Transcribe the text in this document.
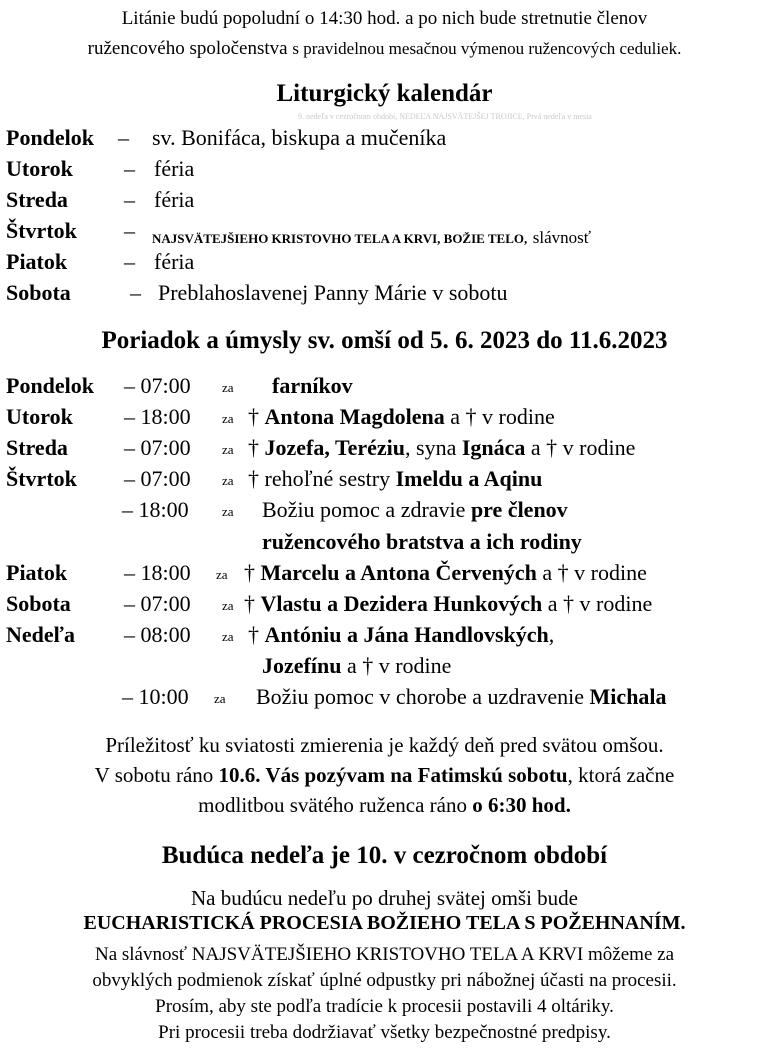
Litánie budú popoludní o 14:30 hod. a po nich bude stretnutie členov
ružencového spoločenstva s pravidelnou mesačnou výmenou ružencových ceduliek.
Liturgický kalendár
9. nedeľa v cezročnom období, NEDEĽA NAJSVÄTEJŠEJ TROJICE, Prvá nedeľa v mesia
Pondelok – sv. Bonifáca, biskupa a mučeníka
Utorok – féria
Streda	– féria
Štvrtok – NAJSVÄTEJŠIEHO KRISTOVHO TELA A KRVI, BOŽIE TELO, slávnosť
Piatok	– féria
Sobota	– Preblahoslavenej Panny Márie v sobotu
Poriadok a úmysly sv. omší od 5. 6. 2023 do 11.6.2023
Pondelok – 07:00 za farníkov
Utorok – 18:00 za † Antona Magdolena a † v rodine
Streda	– 07:00 za † Jozefa, Teréziu, syna Ignáca a † v rodine
Štvrtok – 07:00 za † rehoľné sestry Imeldu a Aqinu
– 18:00	za Božiu pomoc a zdravie pre členov
ružencového bratstva a ich rodiny
Piatok	– 18:00 za † Marcelu a Antona Červených a † v rodine
Sobota – 07:00 za † Vlastu a Dezidera Hunkových a † v rodine
Nedeľa – 08:00 za † Antóniu a Jána Handlovských,
Jozefínu a † v rodine
– 10:00 za Božiu pomoc v chorobe a uzdravenie Michala
Príležitosť ku sviatosti zmierenia je každý deň pred svätou omšou.
V sobotu ráno 10.6. Vás pozývam na Fatimskú sobotu, ktorá začne
modlitbou svätého ruženca ráno o 6:30 hod.
Budúca nedeľa je 10. v cezročnom období
Na budúcu nedeľu po druhej svätej omši bude
EUCHARISTICKÁ PROCESIA BOŽIEHO TELA S POŽEHNANÍM.
Na slávnosť NAJSVÄTEJŠIEHO KRISTOVHO TELA A KRVI môžeme za
obvyklých podmienok získať úplné odpustky pri nábožnej účasti na procesii.
Prosím, aby ste podľa tradície k procesii postavili 4 oltáriky.
Pri procesii treba dodržiavať všetky bezpečnostné predpisy.
